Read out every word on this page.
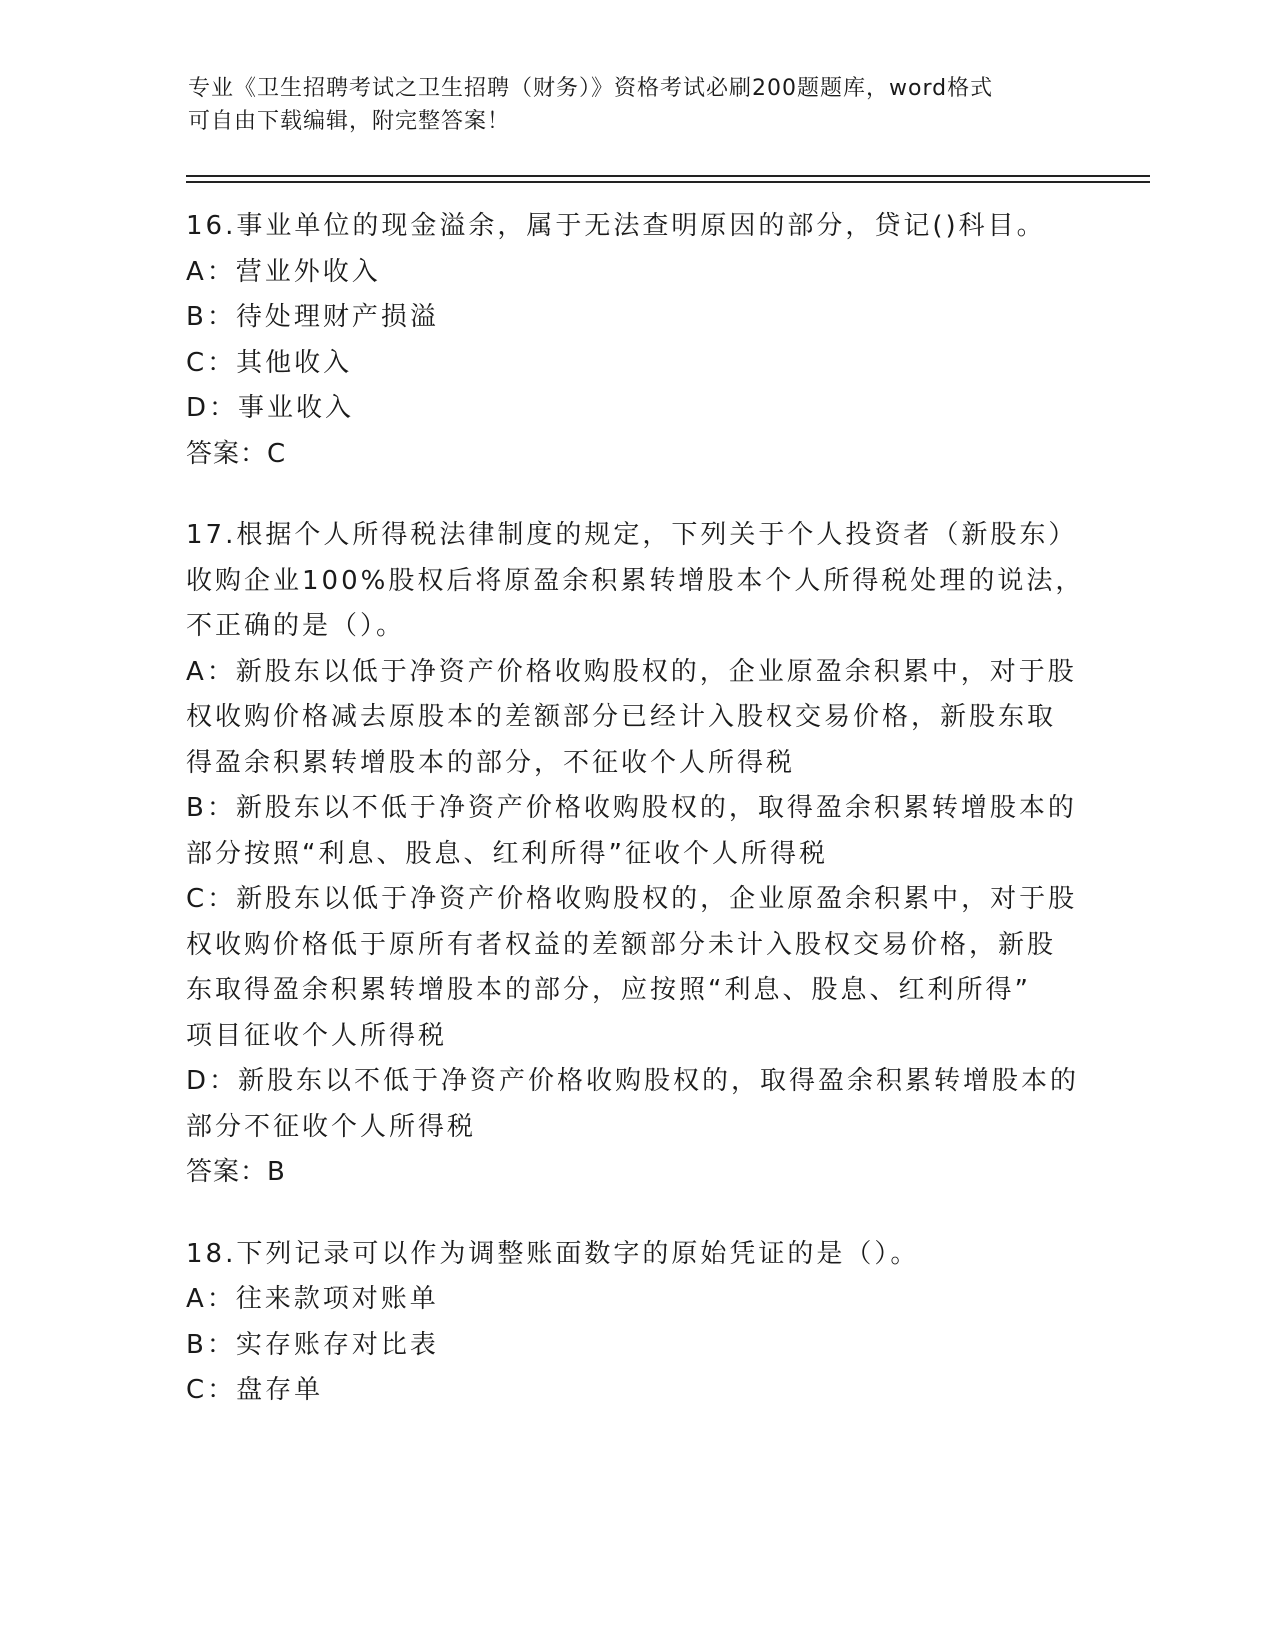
专业《卫生招聘考试之卫生招聘（财务）》资格考试必刷200题题库，word格式
可自由下载编辑，附完整答案！
16.事业单位的现金溢余，属于无法查明原因的部分，贷记()科目。
A：营业外收入
B：待处理财产损溢
C：其他收入
D：事业收入
答案：C
17.根据个人所得税法律制度的规定，下列关于个人投资者（新股东）
收购企业100%股权后将原盈余积累转增股本个人所得税处理的说法，
不正确的是（）。
A：新股东以低于净资产价格收购股权的，企业原盈余积累中，对于股
权收购价格减去原股本的差额部分已经计入股权交易价格，新股东取
得盈余积累转增股本的部分，不征收个人所得税
B：新股东以不低于净资产价格收购股权的，取得盈余积累转增股本的
部分按照“利息、股息、红利所得”征收个人所得税
C：新股东以低于净资产价格收购股权的，企业原盈余积累中，对于股
权收购价格低于原所有者权益的差额部分未计入股权交易价格，新股
东取得盈余积累转增股本的部分，应按照“利息、股息、红利所得”
项目征收个人所得税
D：新股东以不低于净资产价格收购股权的，取得盈余积累转增股本的
部分不征收个人所得税
答案：B
18.下列记录可以作为调整账面数字的原始凭证的是（）。
A：往来款项对账单
B：实存账存对比表
C：盘存单
